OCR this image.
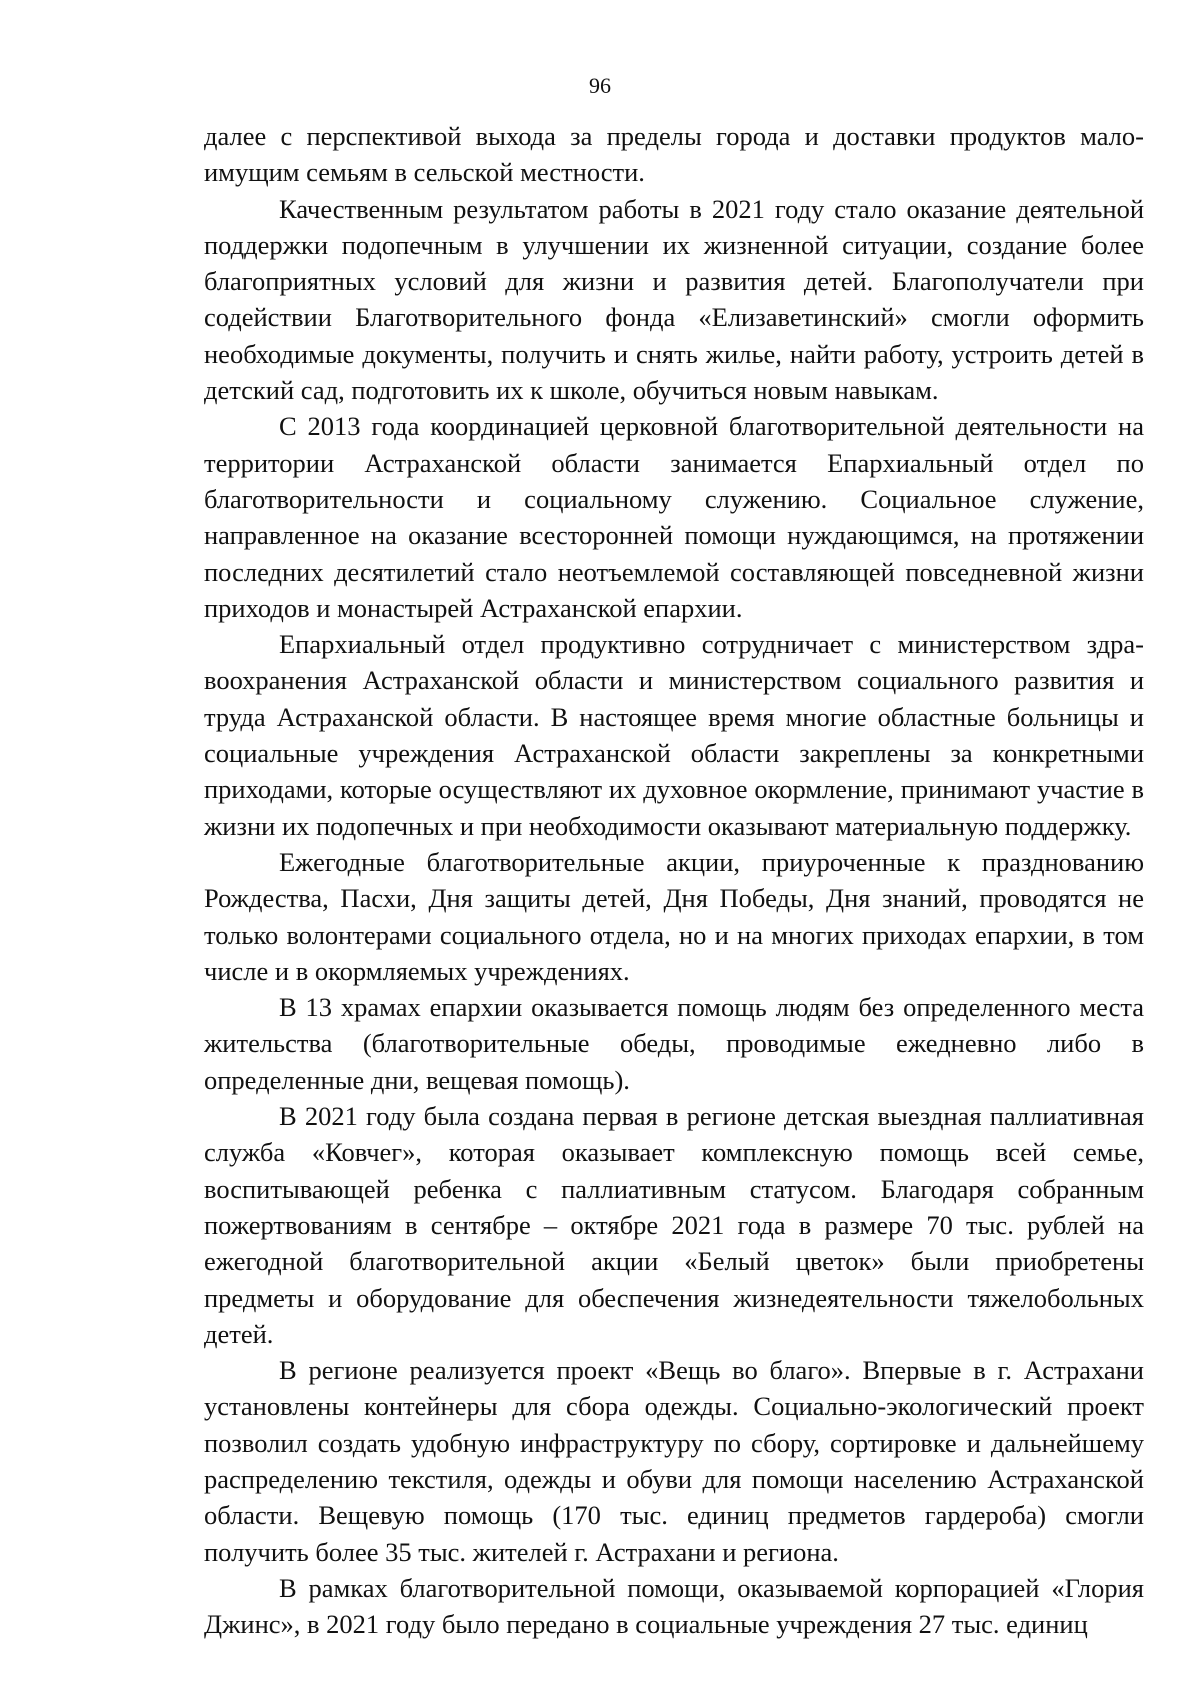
96

далее с перспективой выхода за пределы города и доставки продуктов малоимущим семьям в сельской местности.

Качественным результатом работы в 2021 году стало оказание деятельной поддержки подопечным в улучшении их жизненной ситуации, создание более благоприятных условий для жизни и развития детей. Благополучатели при содействии Благотворительного фонда «Елизаветинский» смогли оформить необходимые документы, получить и снять жилье, найти работу, устроить детей в детский сад, подготовить их к школе, обучиться новым навыкам.

С 2013 года координацией церковной благотворительной деятельности на территории Астраханской области занимается Епархиальный отдел по благотворительности и социальному служению. Социальное служение, направленное на оказание всесторонней помощи нуждающимся, на протяжении последних десятилетий стало неотъемлемой составляющей повседневной жизни приходов и монастырей Астраханской епархии.

Епархиальный отдел продуктивно сотрудничает с министерством здравоохранения Астраханской области и министерством социального развития и труда Астраханской области. В настоящее время многие областные больницы и социальные учреждения Астраханской области закреплены за конкретными приходами, которые осуществляют их духовное окормление, принимают участие в жизни их подопечных и при необходимости оказывают материальную поддержку.

Ежегодные благотворительные акции, приуроченные к празднованию Рождества, Пасхи, Дня защиты детей, Дня Победы, Дня знаний, проводятся не только волонтерами социального отдела, но и на многих приходах епархии, в том числе и в окормляемых учреждениях.

В 13 храмах епархии оказывается помощь людям без определенного места жительства (благотворительные обеды, проводимые ежедневно либо в определенные дни, вещевая помощь).

В 2021 году была создана первая в регионе детская выездная паллиативная служба «Ковчег», которая оказывает комплексную помощь всей семье, воспитывающей ребенка с паллиативным статусом. Благодаря собранным пожертвованиям в сентябре – октябре 2021 года в размере 70 тыс. рублей на ежегодной благотворительной акции «Белый цветок» были приобретены предметы и оборудование для обеспечения жизнедеятельности тяжелобольных детей.

В регионе реализуется проект «Вещь во благо». Впервые в г. Астрахани установлены контейнеры для сбора одежды. Социально-экологический проект позволил создать удобную инфраструктуру по сбору, сортировке и дальнейшему распределению текстиля, одежды и обуви для помощи населению Астраханской области. Вещевую помощь (170 тыс. единиц предметов гардероба) смогли получить более 35 тыс. жителей г. Астрахани и региона.

В рамках благотворительной помощи, оказываемой корпорацией «Глория Джинс», в 2021 году было передано в социальные учреждения 27 тыс. единиц
